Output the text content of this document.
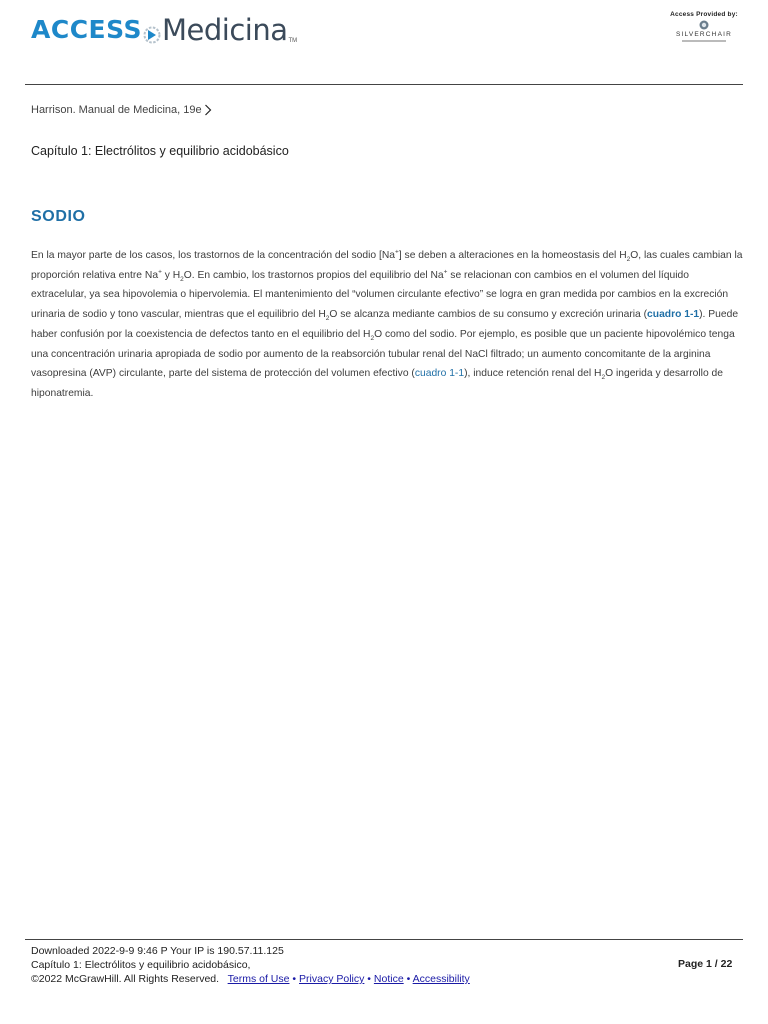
ACCESS Medicina TM
Access Provided by:
SILVERCHAIR
Harrison. Manual de Medicina, 19e
Capítulo 1: Electrólitos y equilibrio acidobásico
SODIO

En la mayor parte de los casos, los trastornos de la concentración del sodio [Na+] se deben a alteraciones en la homeostasis del $H_2O$, las cuales cambian la proporción relativa entre Na+ y $H_2O$. En cambio, los trastornos propios del equilibrio del Na+ se relacionan con cambios en el volumen del líquido extracelular, ya sea hipovolemia o hipervolemia. El mantenimiento del “volumen circulante efectivo” se logra en gran medida por cambios en la excreción urinaria de sodio y tono vascular, mientras que el equilibrio del $H_2O$ se alcanza mediante cambios de su consumo y excreción urinaria (cuadro 1-1). Puede haber confusión por la coexistencia de defectos tanto en el equilibrio del $H_2O$ como del sodio. Por ejemplo, es posible que un paciente hipovolémico tenga una concentración urinaria apropiada de sodio por aumento de la reabsorción tubular renal del NaCl filtrado; un aumento concomitante de la arginina vasopresina (AVP) circulante, parte del sistema de protección del volumen efectivo (cuadro 1-1), induce retención renal del $H_2O$ ingerida y desarrollo de hiponatremia.

Downloaded 2022-9-9 9:46 P Your IP is 190.57.11.125
Capítulo 1: Electrólitos y equilibrio acidobásico,
©2022 McGrawHill. All Rights Reserved. Terms of Use • Privacy Policy • Notice • Accessibility
Page 1 / 22
